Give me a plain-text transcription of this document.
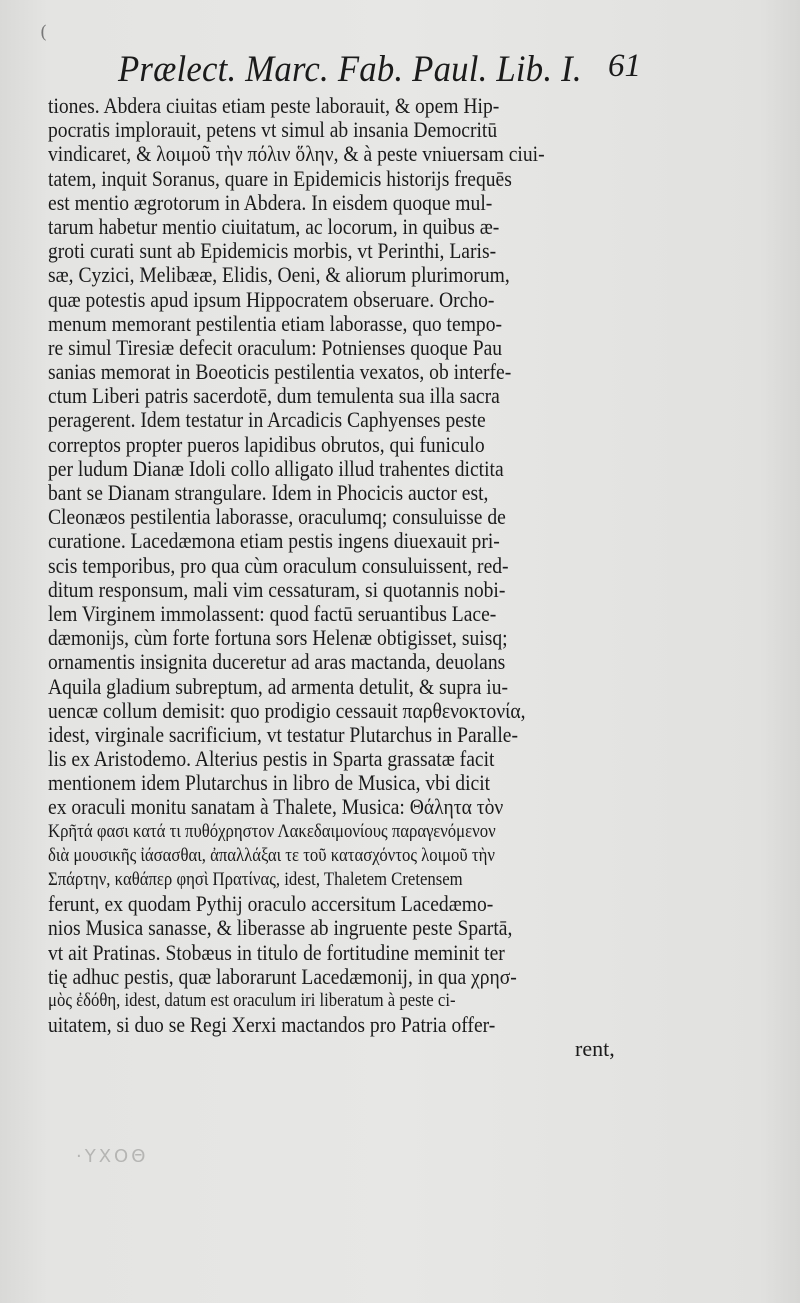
(
Prælect. Marc. Fab. Paul. Lib. I. 61
tiones. Abdera ciuitas etiam peste laborauit, & opem Hip-
pocratis implorauit, petens vt simul ab insania Democritū
vindicaret, & λοιμοῦ τὴν πόλιν ὅλην, & à peste vniuersam ciui-
tatem, inquit Soranus, quare in Epidemicis historijs frequēs
est mentio ægrotorum in Abdera. In eisdem quoque mul-
tarum habetur mentio ciuitatum, ac locorum, in quibus æ-
groti curati sunt ab Epidemicis morbis, vt Perinthi, Laris-
sæ, Cyzici, Melibææ, Elidis, Oeni, & aliorum plurimorum,
quæ potestis apud ipsum Hippocratem obseruare. Orcho-
menum memorant pestilentia etiam laborasse, quo tempo-
re simul Tiresiæ defecit oraculum: Potnienses quoque Pau
sanias memorat in Boeoticis pestilentia vexatos, ob interfe-
ctum Liberi patris sacerdotē, dum temulenta sua illa sacra
peragerent. Idem testatur in Arcadicis Caphyenses peste
correptos propter pueros lapidibus obrutos, qui funiculo
per ludum Dianæ Idoli collo alligato illud trahentes dictita
bant se Dianam strangulare. Idem in Phocicis auctor est,
Cleonæos pestilentia laborasse, oraculumq; consuluisse de
curatione. Lacedæmona etiam pestis ingens diuexauit pri-
scis temporibus, pro qua cùm oraculum consuluissent, red-
ditum responsum, mali vim cessaturam, si quotannis nobi-
lem Virginem immolassent: quod factū seruantibus Lace-
dæmonijs, cùm forte fortuna sors Helenæ obtigisset, suisq;
ornamentis insignita duceretur ad aras mactanda, deuolans
Aquila gladium subreptum, ad armenta detulit, & supra iu-
uencæ collum demisit: quo prodigio cessauit παρθενοκτονία,
idest, virginale sacrificium, vt testatur Plutarchus in Paralle-
lis ex Aristodemo. Alterius pestis in Sparta grassatæ facit
mentionem idem Plutarchus in libro de Musica, vbi dicit
ex oraculi monitu sanatam à Thalete, Musica: Θάλητα τὸν
Κρῆτά φασι κατά τι πυθόχρηστον Λακεδαιμονίους παραγενόμενον
διὰ μουσικῆς ἰάσασθαι, ἀπαλλάξαι τε τοῦ κατασχόντος λοιμοῦ τὴν
Σπάρτην, καθάπερ φησὶ Πρατίνας, idest, Thaletem Cretensem
ferunt, ex quodam Pythij oraculo accersitum Lacedæmo-
nios Musica sanasse, & liberasse ab ingruente peste Spartā,
vt ait Pratinas. Stobæus in titulo de fortitudine meminit ter
tię adhuc pestis, quæ laborarunt Lacedæmonij, in qua χρησ-
μὸς ἐδόθη, idest, datum est oraculum iri liberatum à peste ci-
uitatem, si duo se Regi Xerxi mactandos pro Patria offer-
rent,
·ΥΧΟΘ
